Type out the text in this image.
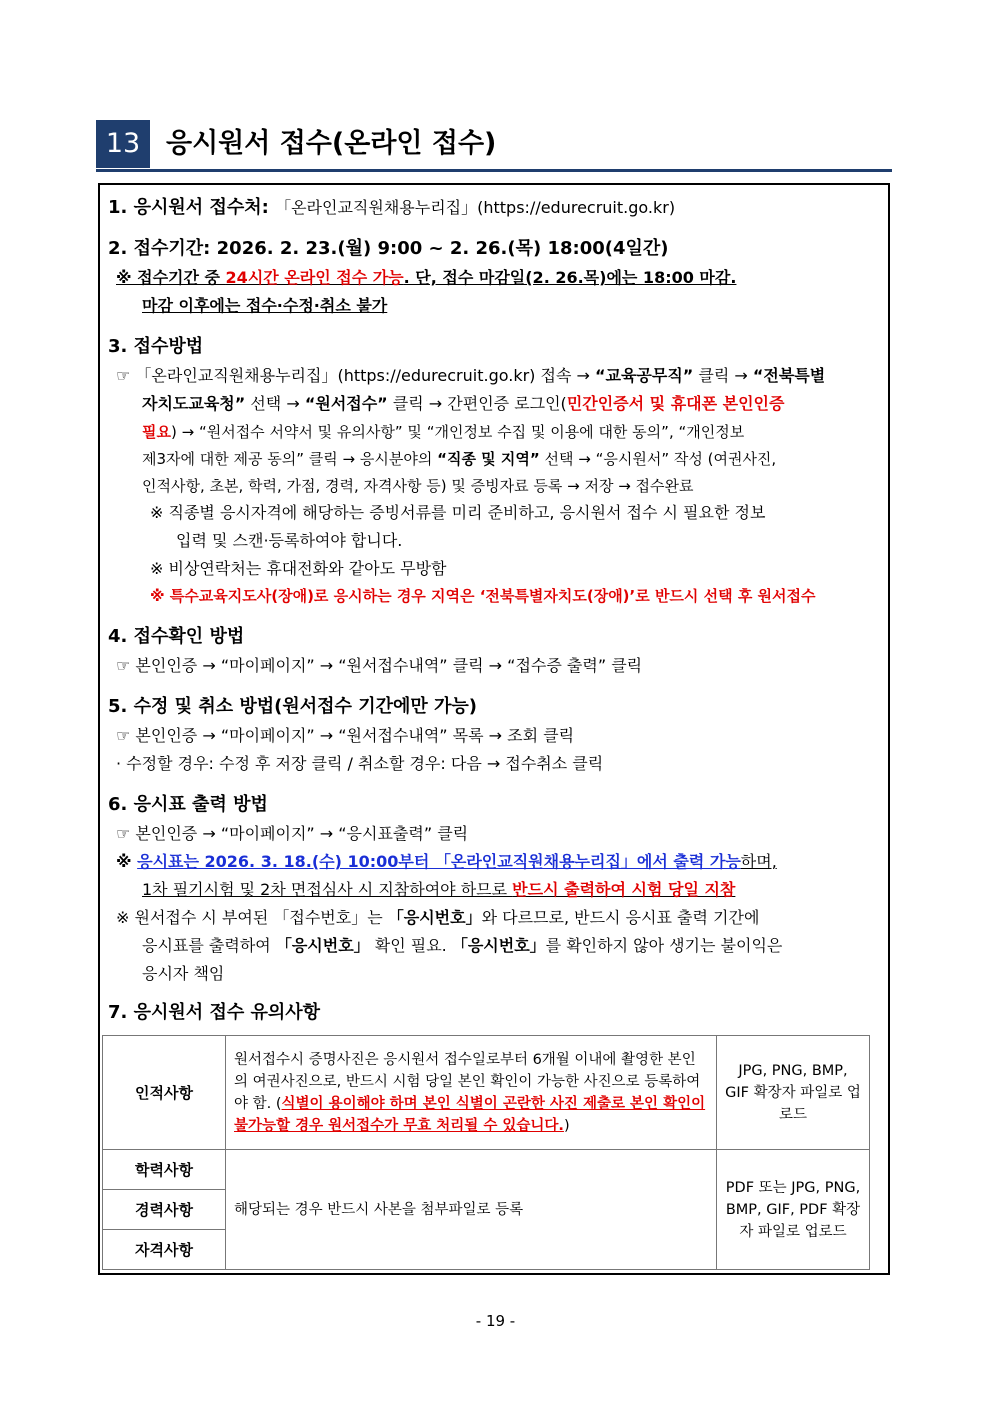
13 응시원서 접수(온라인 접수)
1. 응시원서 접수처: 「온라인교직원채용누리집」(https://edurecruit.go.kr)
2. 접수기간: 2026. 2. 23.(월) 9:00 ~ 2. 26.(목) 18:00(4일간)
※ 접수기간 중 24시간 온라인 접수 가능. 단, 접수 마감일(2. 26.목)에는 18:00 마감.
마감 이후에는 접수·수정·취소 불가
3. 접수방법
☞ 「온라인교직원채용누리집」(https://edurecruit.go.kr) 접속 → “교육공무직” 클릭 → “전북특별
자치도교육청” 선택 → “원서접수” 클릭 → 간편인증 로그인(민간인증서 및 휴대폰 본인인증
필요) → “원서접수 서약서 및 유의사항” 및 “개인정보 수집 및 이용에 대한 동의”, “개인정보
제3자에 대한 제공 동의” 클릭 → 응시분야의 “직종 및 지역” 선택 → “응시원서” 작성 (여권사진,
인적사항, 초본, 학력, 가점, 경력, 자격사항 등) 및 증빙자료 등록 → 저장 → 접수완료
※ 직종별 응시자격에 해당하는 증빙서류를 미리 준비하고, 응시원서 접수 시 필요한 정보
입력 및 스캔·등록하여야 합니다.
※ 비상연락처는 휴대전화와 같아도 무방함
※ 특수교육지도사(장애)로 응시하는 경우 지역은 ‘전북특별자치도(장애)’로 반드시 선택 후 원서접수
4. 접수확인 방법
☞ 본인인증 → “마이페이지” → “원서접수내역” 클릭 → “접수증 출력” 클릭
5. 수정 및 취소 방법(원서접수 기간에만 가능)
☞ 본인인증 → “마이페이지” → “원서접수내역” 목록 → 조회 클릭
· 수정할 경우: 수정 후 저장 클릭 / 취소할 경우: 다음 → 접수취소 클릭
6. 응시표 출력 방법
☞ 본인인증 → “마이페이지” → “응시표출력” 클릭
※ 응시표는 2026. 3. 18.(수) 10:00부터 「온라인교직원채용누리집」에서 출력 가능하며,
1차 필기시험 및 2차 면접심사 시 지참하여야 하므로 반드시 출력하여 시험 당일 지참
※ 원서접수 시 부여된 「접수번호」는 「응시번호」와 다르므로, 반드시 응시표 출력 기간에
응시표를 출력하여 「응시번호」 확인 필요. 「응시번호」를 확인하지 않아 생기는 불이익은
응시자 책임
7. 응시원서 접수 유의사항
인적사항	원서접수시 증명사진은 응시원서 접수일로부터 6개월 이내에 촬영한 본인의 여권사진으로, 반드시 시험 당일 본인 확인이 가능한 사진으로 등록하여야 함. (식별이 용이해야 하며 본인 식별이 곤란한 사진 제출로 본인 확인이 불가능할 경우 원서접수가 무효 처리될 수 있습니다.)	JPG, PNG, BMP, GIF 확장자 파일로 업로드
학력사항	해당되는 경우 반드시 사본을 첨부파일로 등록	PDF 또는 JPG, PNG, BMP, GIF, PDF 확장자 파일로 업로드
경력사항		
자격사항		
- 19 -
